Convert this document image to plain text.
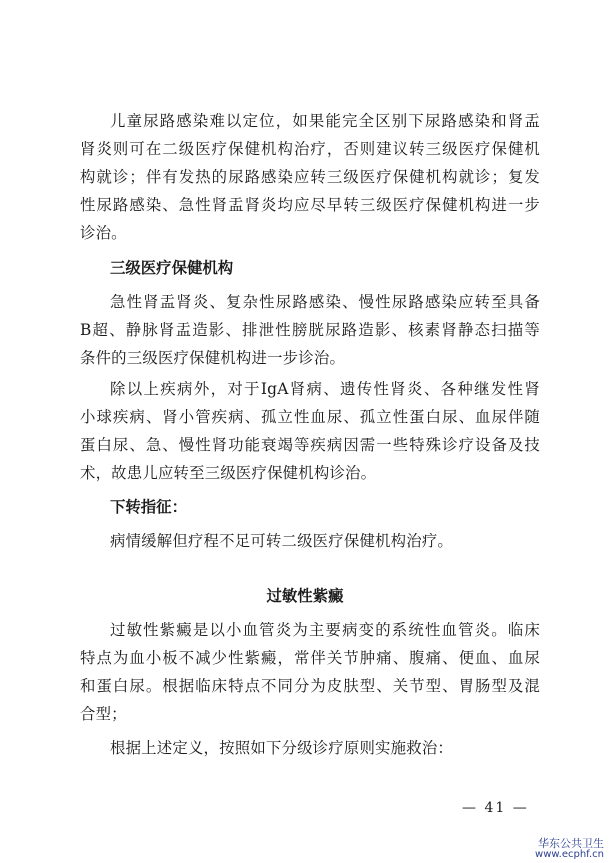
儿童尿路感染难以定位，如果能完全区别下尿路感染和肾盂
肾炎则可在二级医疗保健机构治疗，否则建议转三级医疗保健机
构就诊；伴有发热的尿路感染应转三级医疗保健机构就诊；复发
性尿路感染、急性肾盂肾炎均应尽早转三级医疗保健机构进一步
诊治。
三级医疗保健机构
急性肾盂肾炎、复杂性尿路感染、慢性尿路感染应转至具备
B超、静脉肾盂造影、排泄性膀胱尿路造影、核素肾静态扫描等
条件的三级医疗保健机构进一步诊治。
除以上疾病外，对于IgA肾病、遗传性肾炎、各种继发性肾
小球疾病、肾小管疾病、孤立性血尿、孤立性蛋白尿、血尿伴随
蛋白尿、急、慢性肾功能衰竭等疾病因需一些特殊诊疗设备及技
术，故患儿应转至三级医疗保健机构诊治。
下转指征：
病情缓解但疗程不足可转二级医疗保健机构治疗。
过敏性紫癜
过敏性紫癜是以小血管炎为主要病变的系统性血管炎。临床
特点为血小板不减少性紫癜，常伴关节肿痛、腹痛、便血、血尿
和蛋白尿。根据临床特点不同分为皮肤型、关节型、胃肠型及混
合型；
根据上述定义，按照如下分级诊疗原则实施救治：
— 41 —
华东公共卫生
www.ecphf.cn
